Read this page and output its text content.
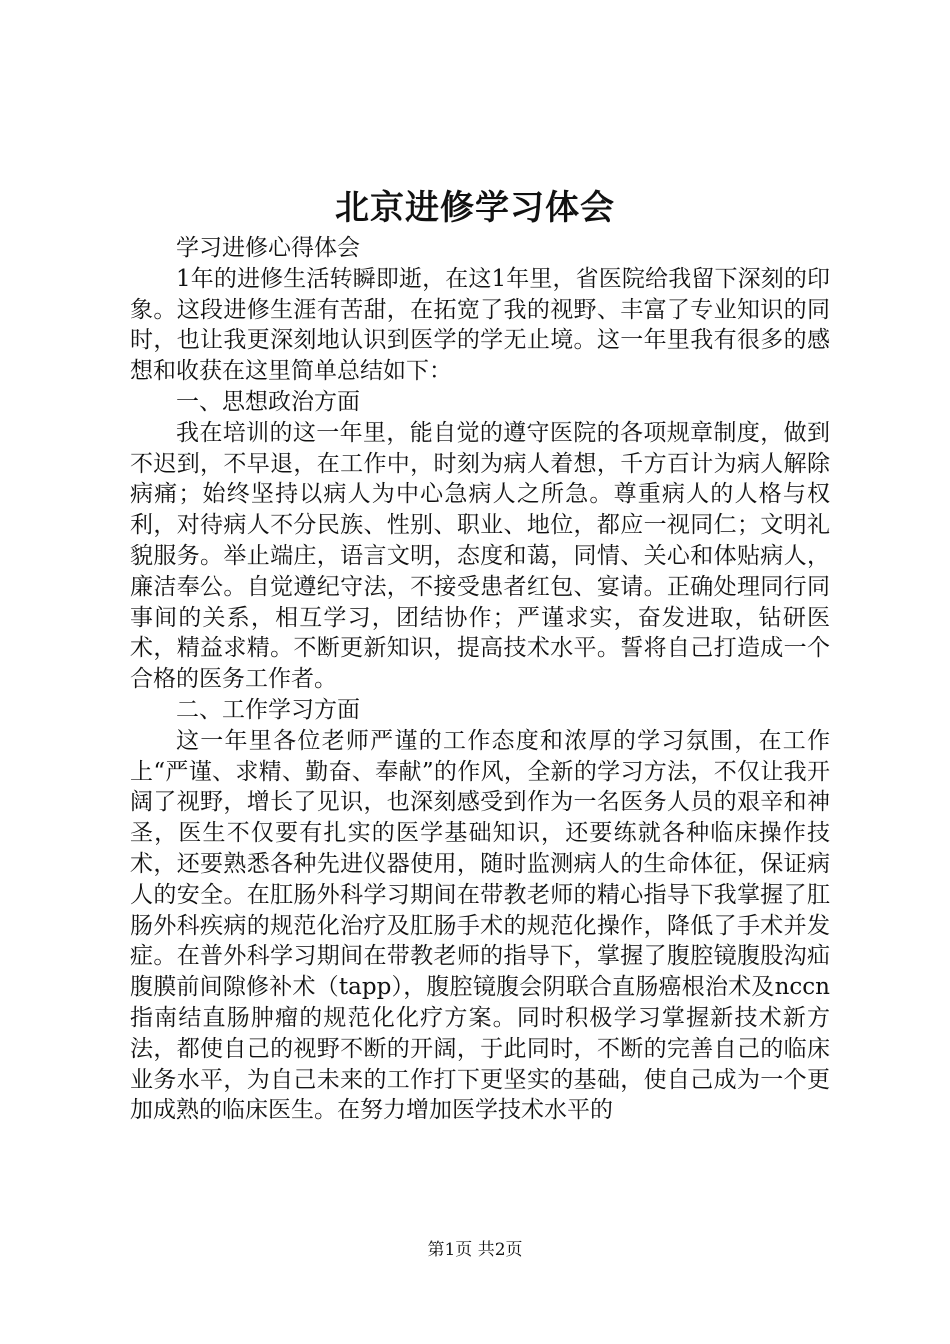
北京进修学习体会

学习进修心得体会

1年的进修生活转瞬即逝，在这1年里，省医院给我留下深刻的印象。这段进修生涯有苦甜，在拓宽了我的视野、丰富了专业知识的同时，也让我更深刻地认识到医学的学无止境。这一年里我有很多的感想和收获在这里简单总结如下：

一、思想政治方面

我在培训的这一年里，能自觉的遵守医院的各项规章制度，做到不迟到，不早退，在工作中，时刻为病人着想，千方百计为病人解除病痛；始终坚持以病人为中心急病人之所急。尊重病人的人格与权利，对待病人不分民族、性别、职业、地位，都应一视同仁；文明礼貌服务。举止端庄，语言文明，态度和蔼，同情、关心和体贴病人，廉洁奉公。自觉遵纪守法，不接受患者红包、宴请。正确处理同行同事间的关系，相互学习，团结协作；严谨求实，奋发进取，钻研医术，精益求精。不断更新知识，提高技术水平。誓将自己打造成一个合格的医务工作者。

二、工作学习方面

这一年里各位老师严谨的工作态度和浓厚的学习氛围，在工作上“严谨、求精、勤奋、奉献”的作风，全新的学习方法，不仅让我开阔了视野，增长了见识，也深刻感受到作为一名医务人员的艰辛和神圣，医生不仅要有扎实的医学基础知识，还要练就各种临床操作技术，还要熟悉各种先进仪器使用，随时监测病人的生命体征，保证病人的安全。在肛肠外科学习期间在带教老师的精心指导下我掌握了肛肠外科疾病的规范化治疗及肛肠手术的规范化操作，降低了手术并发症。在普外科学习期间在带教老师的指导下，掌握了腹腔镜腹股沟疝腹膜前间隙修补术（tapp），腹腔镜腹会阴联合直肠癌根治术及nccn指南结直肠肿瘤的规范化化疗方案。同时积极学习掌握新技术新方法，都使自己的视野不断的开阔，于此同时，不断的完善自己的临床业务水平，为自己未来的工作打下更坚实的基础，使自己成为一个更加成熟的临床医生。在努力增加医学技术水平的

第1页 共2页
